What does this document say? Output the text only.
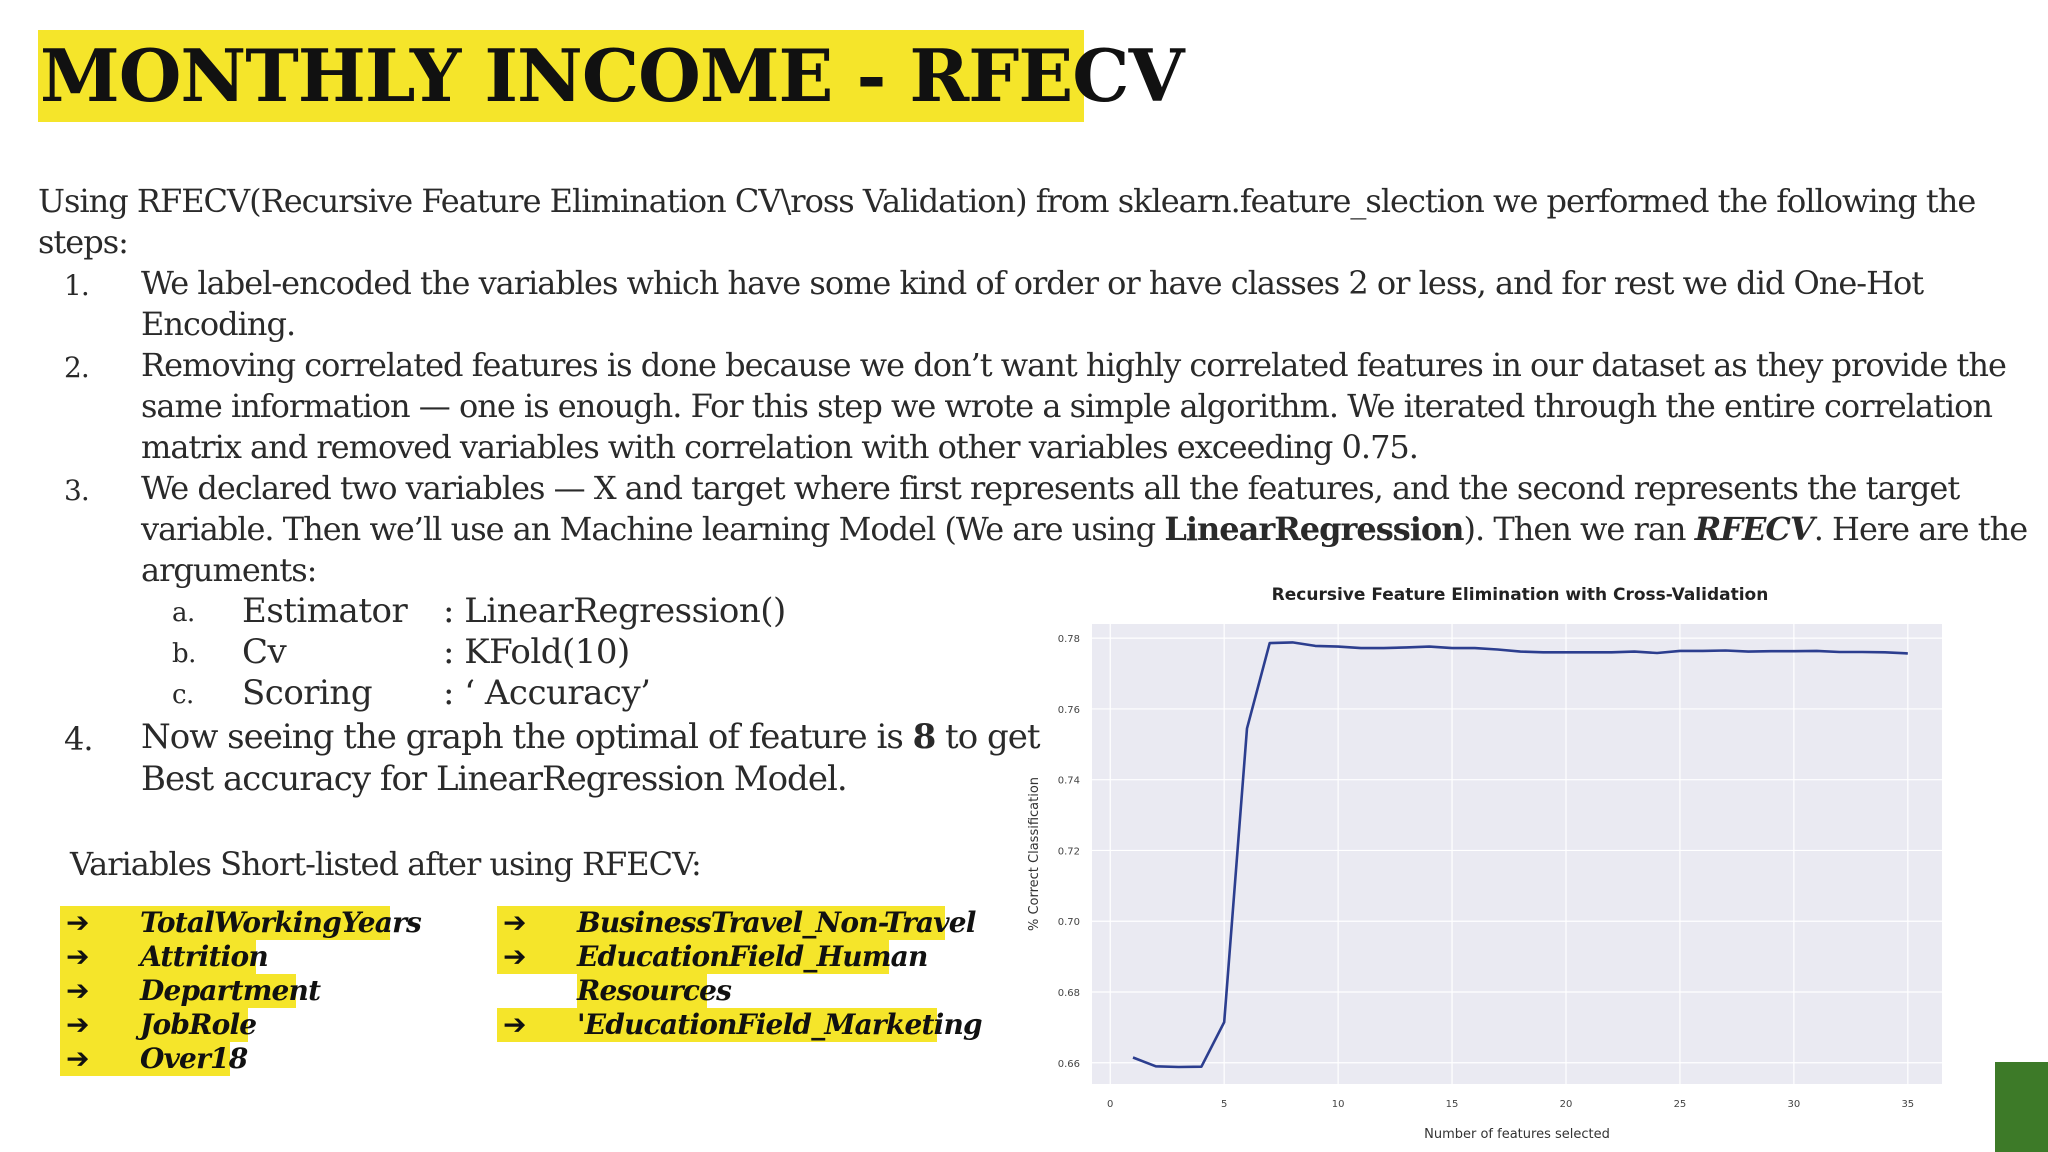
MONTHLY INCOME - RFECV
Using RFECV(Recursive Feature Elimination CV\ross Validation) from sklearn.feature_slection we performed the following the
steps:
1. We label-encoded the variables which have some kind of order or have classes 2 or less, and for rest we did One-Hot
Encoding.
2. Removing correlated features is done because we don’t want highly correlated features in our dataset as they provide the
same information — one is enough. For this step we wrote a simple algorithm. We iterated through the entire correlation
matrix and removed variables with correlation with other variables exceeding 0.75.
3. We declared two variables — X and target where first represents all the features, and the second represents the target
variable. Then we’ll use an Machine learning Model (We are using LinearRegression). Then we ran RFECV. Here are the
arguments:
a. Estimator : LinearRegression()
b. Cv	: KFold(10)
c. Scoring : ‘ Accuracy’
4. Now seeing the graph the optimal of feature is 8 to get
Best accuracy for LinearRegression Model.
Variables Short-listed after using RFECV:
➔ TotalWorkingYears
➔ Attrition
➔ Department
➔ JobRole
➔ Over18
➔ BusinessTravel_Non-Travel
➔ EducationField_Human
Resources
➔ 'EducationField_Marketing
Recursive Feature Elimination with Cross-Validation
0.66
0.68
0.70
0.72
0.74
0.76
0.78
0	5	10	15	20	25	30	35
Number of features selected
% Correct Classification
